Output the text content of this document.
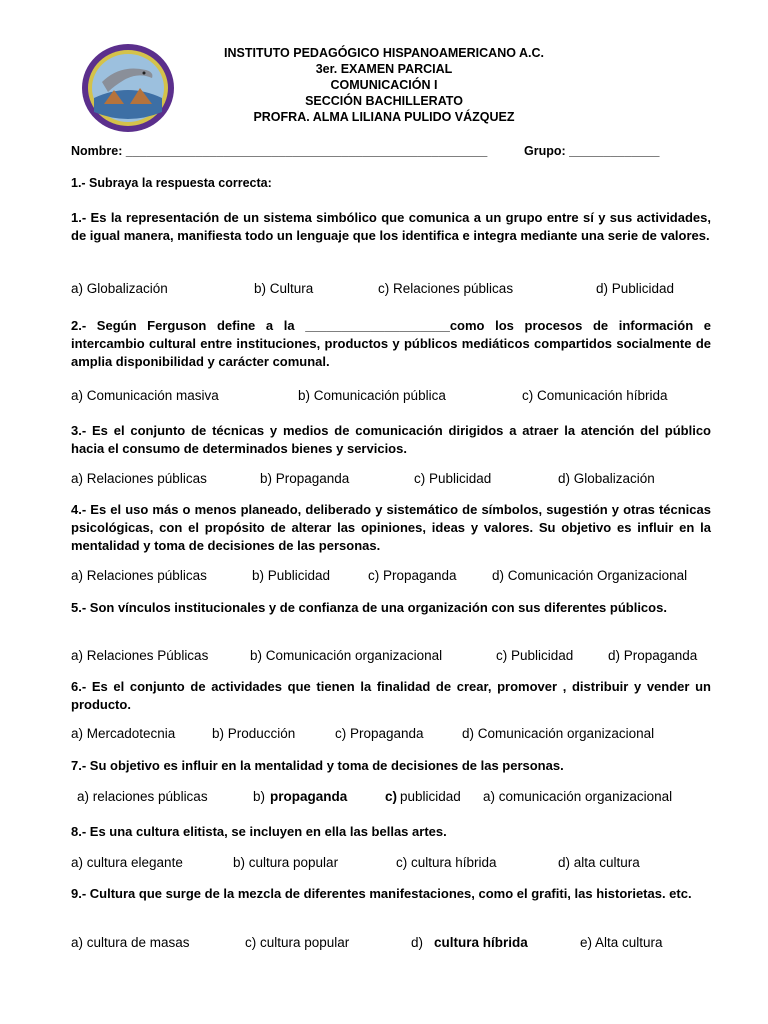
INSTITUTO PEDAGÓGICO HISPANOAMERICANO A.C.
3er. EXAMEN PARCIAL
COMUNICACIÓN I
SECCIÓN BACHILLERATO
PROFRA. ALMA LILIANA PULIDO VÁZQUEZ
Nombre: ____________________________________________________	Grupo: _____________
1.- Subraya la respuesta correcta:
1.- Es la representación de un sistema simbólico que comunica a un grupo entre sí y sus actividades, de igual manera, manifiesta todo un lenguaje que los identifica e integra mediante una serie de valores.
a) Globalización	b) Cultura	c) Relaciones públicas	d) Publicidad
2.- Según Ferguson define a la ____________________como los procesos de información e intercambio cultural entre instituciones, productos y públicos mediáticos compartidos socialmente de amplia disponibilidad y carácter comunal.
a) Comunicación masiva	b) Comunicación pública	c) Comunicación híbrida
3.- Es el conjunto de técnicas y medios de comunicación dirigidos a atraer la atención del público hacia el consumo de determinados bienes y servicios.
a) Relaciones públicas	b) Propaganda	c) Publicidad	d) Globalización
4.- Es el uso más o menos planeado, deliberado y sistemático de símbolos, sugestión y otras técnicas psicológicas, con el propósito de alterar las opiniones, ideas y valores. Su objetivo es influir en la mentalidad y toma de decisiones de las personas.
a) Relaciones públicas	b) Publicidad	c) Propaganda	d) Comunicación Organizacional
5.- Son vínculos institucionales y de confianza de una organización con sus diferentes públicos.
a) Relaciones Públicas	b) Comunicación organizacional	c) Publicidad	d) Propaganda
6.- Es el conjunto de actividades que tienen la finalidad de crear, promover , distribuir y vender un producto.
a) Mercadotecnia	b) Producción	c) Propaganda	d) Comunicación organizacional
7.- Su objetivo es influir en la mentalidad y toma de decisiones de las personas.
a) relaciones públicas	b) propaganda	c) publicidad a) comunicación organizacional
8.- Es una cultura elitista, se incluyen en ella las bellas artes.
a) cultura elegante	b) cultura popular	c) cultura híbrida	d) alta cultura
9.- Cultura que surge de la mezcla de diferentes manifestaciones, como el grafiti, las historietas. etc.
a) cultura de masas	c) cultura popular	d) cultura híbrida	e) Alta cultura
